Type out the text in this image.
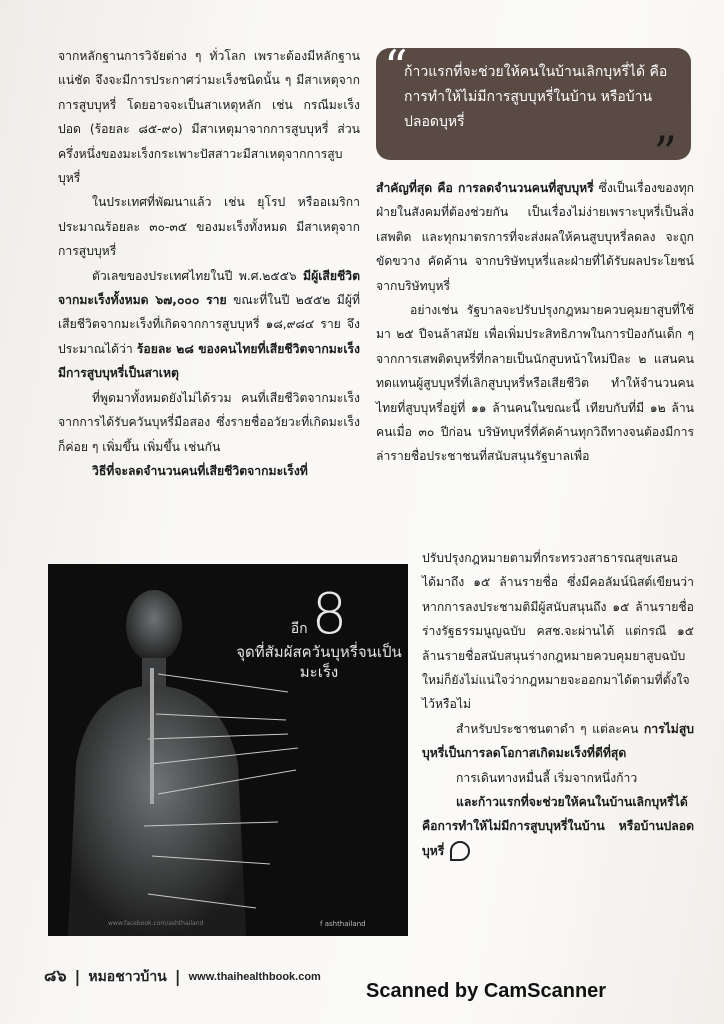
จากหลักฐานการวิจัยต่าง ๆ ทั่วโลก เพราะต้องมีหลักฐานแน่ชัด จึงจะมีการประกาศว่ามะเร็งชนิดนั้น ๆ มีสาเหตุจากการสูบบุหรี่ โดยอาจจะเป็นสาเหตุหลัก เช่น กรณีมะเร็งปอด (ร้อยละ ๘๕-๙๐) มีสาเหตุมาจากการสูบบุหรี่ ส่วนครึ่งหนึ่งของมะเร็งกระเพาะปัสสาวะมีสาเหตุจากการสูบบุหรี่

ในประเทศที่พัฒนาแล้ว เช่น ยุโรป หรืออเมริกา ประมาณร้อยละ ๓๐-๓๕ ของมะเร็งทั้งหมด มีสาเหตุจากการสูบบุหรี่

ตัวเลขของประเทศไทยในปี พ.ศ.๒๕๕๖ มีผู้เสียชีวิตจากมะเร็งทั้งหมด ๖๗,๐๐๐ ราย ขณะที่ในปี ๒๕๕๒ มีผู้ที่เสียชีวิตจากมะเร็งที่เกิดจากการสูบบุหรี่ ๑๘,๙๘๔ ราย จึงประมาณได้ว่า ร้อยละ ๒๘ ของคนไทยที่เสียชีวิตจากมะเร็งมีการสูบบุหรี่เป็นสาเหตุ

ที่พูดมาทั้งหมดยังไม่ได้รวม คนที่เสียชีวิตจากมะเร็งจากการได้รับควันบุหรี่มือสอง ซึ่งรายชื่ออวัยวะที่เกิดมะเร็งก็ค่อย ๆ เพิ่มขึ้น เพิ่มขึ้น เช่นกัน

วิธีที่จะลดจำนวนคนที่เสียชีวิตจากมะเร็งที่

“
ก้าวแรกที่จะช่วยให้คนในบ้านเลิกบุหรี่ได้ คือการทำให้ไม่มีการสูบบุหรี่ในบ้าน หรือบ้านปลอดบุหรี่
”

สำคัญที่สุด คือ การลดจำนวนคนที่สูบบุหรี่ ซึ่งเป็นเรื่องของทุกฝ่ายในสังคมที่ต้องช่วยกัน เป็นเรื่องไม่ง่ายเพราะบุหรี่เป็นสิ่งเสพติด และทุกมาตรการที่จะส่งผลให้คนสูบบุหรี่ลดลง จะถูกขัดขวาง คัดค้าน จากบริษัทบุหรี่และฝ่ายที่ได้รับผลประโยชน์จากบริษัทบุหรี่

อย่างเช่น รัฐบาลจะปรับปรุงกฎหมายควบคุมยาสูบที่ใช้มา ๒๕ ปีจนล้าสมัย เพื่อเพิ่มประสิทธิภาพในการป้องกันเด็ก ๆ จากการเสพติดบุหรี่ที่กลายเป็นนักสูบหน้าใหม่ปีละ ๒ แสนคน ทดแทนผู้สูบบุหรี่ที่เลิกสูบบุหรี่หรือเสียชีวิต ทำให้จำนวนคนไทยที่สูบบุหรี่อยู่ที่ ๑๑ ล้านคนในขณะนี้ เทียบกับที่มี ๑๒ ล้านคนเมื่อ ๓๐ ปีก่อน บริษัทบุหรี่ที่คัดค้านทุกวิถีทางจนต้องมีการล่ารายชื่อประชาชนที่สนับสนุนรัฐบาลเพื่อ

อีก8
จุดที่สัมผัสควันบุหรี่จนเป็นมะเร็ง
www.facebook.com/ashthailand	f ashthailand

ปรับปรุงกฎหมายตามที่กระทรวงสาธารณสุขเสนอ ได้มาถึง ๑๕ ล้านรายชื่อ ซึ่งมีคอลัมน์นิสต์เขียนว่าหากการลงประชามติมีผู้สนับสนุนถึง ๑๕ ล้านรายชื่อ ร่างรัฐธรรมนูญฉบับ คสช.จะผ่านได้ แต่กรณี ๑๕ ล้านรายชื่อสนับสนุนร่างกฎหมายควบคุมยาสูบฉบับใหม่ก็ยังไม่แน่ใจว่ากฎหมายจะออกมาได้ตามที่ตั้งใจไว้หรือไม่

สำหรับประชาชนตาดำ ๆ แต่ละคน การไม่สูบบุหรี่เป็นการลดโอกาสเกิดมะเร็งที่ดีที่สุด

การเดินทางหมื่นลี้ เริ่มจากหนึ่งก้าว

และก้าวแรกที่จะช่วยให้คนในบ้านเลิกบุหรี่ได้ คือการทำให้ไม่มีการสูบบุหรี่ในบ้าน หรือบ้านปลอดบุหรี่

๘๖ | หมอชาวบ้าน | www.thaihealthbook.com
Scanned by CamScanner
